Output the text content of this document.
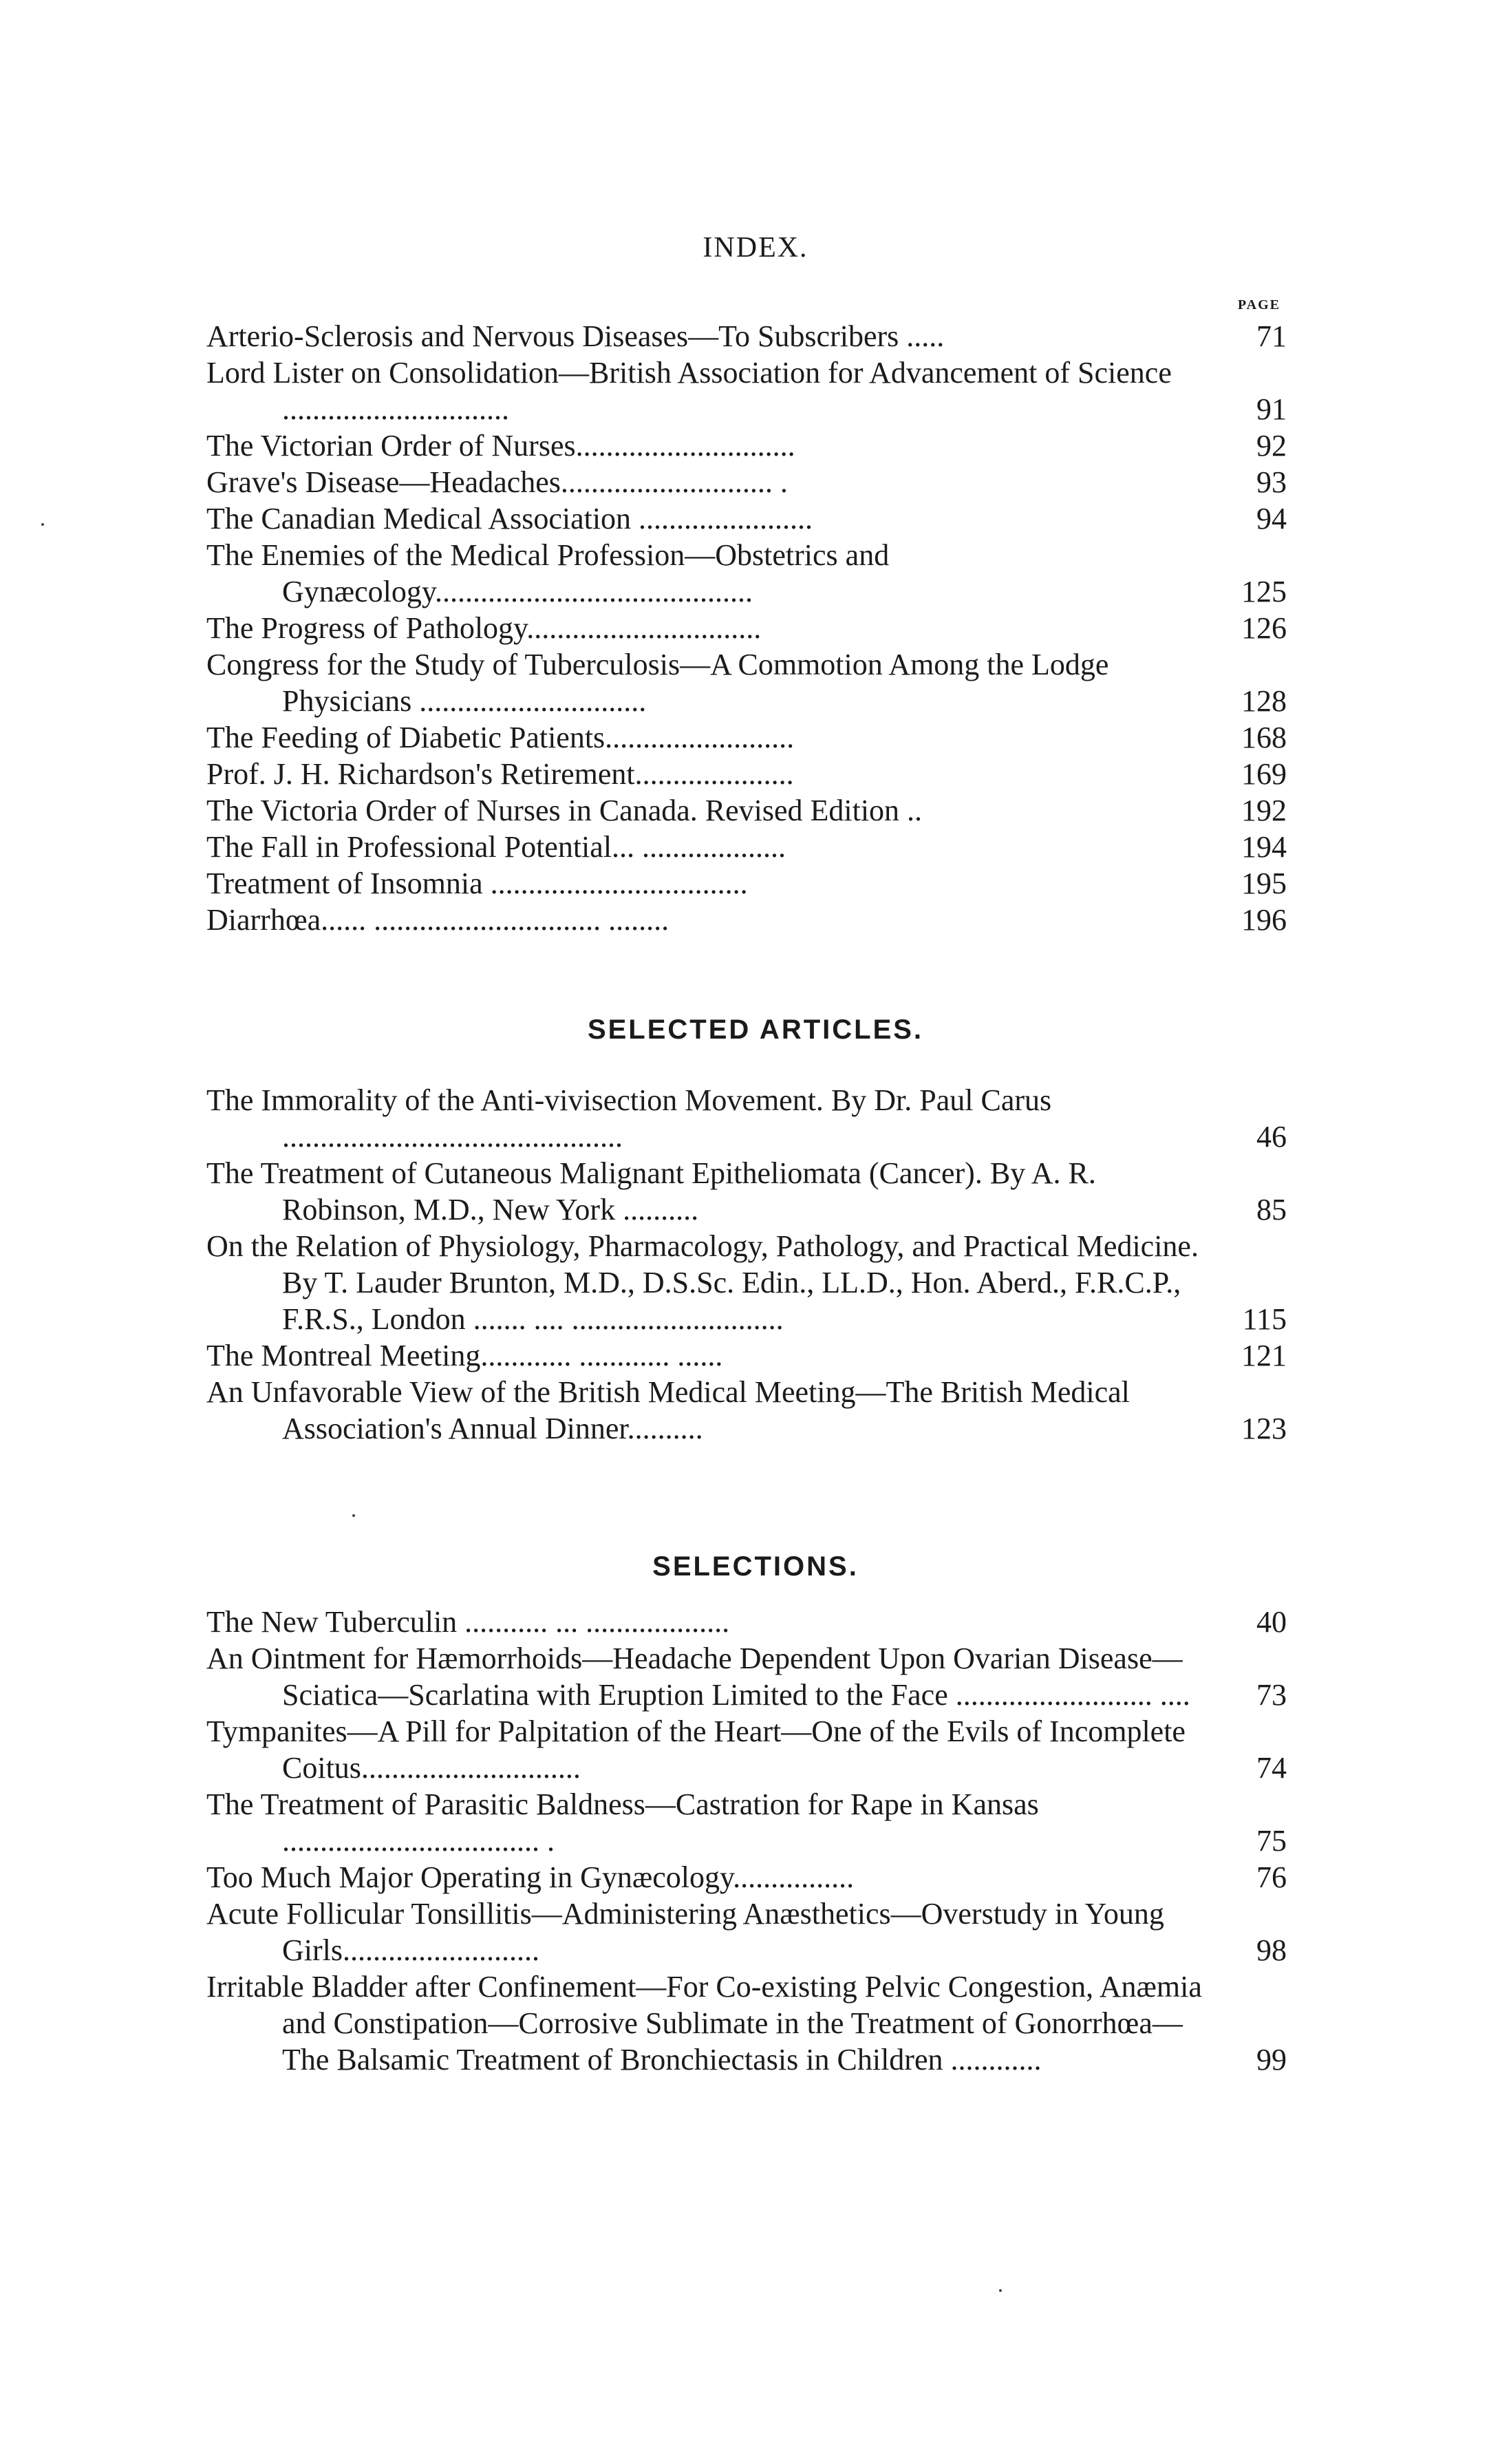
INDEX.
PAGE
Arterio-Sclerosis and Nervous Diseases—To Subscribers .....	71
Lord Lister on Consolidation—British Association for Advancement of Science ..............................	91
The Victorian Order of Nurses.............................	92
Grave's Disease—Headaches............................ .	93
The Canadian Medical Association .......................	94
The Enemies of the Medical Profession—Obstetrics and Gynæcology..........................................	125
The Progress of Pathology...............................	126
Congress for the Study of Tuberculosis—A Commotion Among the Lodge Physicians ..............................	128
The Feeding of Diabetic Patients.........................	168
Prof. J. H. Richardson's Retirement.....................	169
The Victoria Order of Nurses in Canada. Revised Edition ..	192
The Fall in Professional Potential... ...................	194
Treatment of Insomnia ..................................	195
Diarrhœa...... .............................. ........	196
SELECTED ARTICLES.
The Immorality of the Anti-vivisection Movement. By Dr. Paul Carus .............................................	46
The Treatment of Cutaneous Malignant Epitheliomata (Cancer). By A. R. Robinson, M.D., New York ..........	85
On the Relation of Physiology, Pharmacology, Pathology, and Practical Medicine. By T. Lauder Brunton, M.D., D.S.Sc. Edin., LL.D., Hon. Aberd., F.R.C.P., F.R.S., London ....... .... ............................	115
The Montreal Meeting............ ............ ......	121
An Unfavorable View of the British Medical Meeting—The British Medical Association's Annual Dinner..........	123
SELECTIONS.
The New Tuberculin ........... ... ...................	40
An Ointment for Hæmorrhoids—Headache Dependent Upon Ovarian Disease—Sciatica—Scarlatina with Eruption Limited to the Face .......................... ....	73
Tympanites—A Pill for Palpitation of the Heart—One of the Evils of Incomplete Coitus.............................	74
The Treatment of Parasitic Baldness—Castration for Rape in Kansas .................................. .	75
Too Much Major Operating in Gynæcology................	76
Acute Follicular Tonsillitis—Administering Anæsthetics—Overstudy in Young Girls..........................	98
Irritable Bladder after Confinement—For Co-existing Pelvic Congestion, Anæmia and Constipation—Corrosive Sublimate in the Treatment of Gonorrhœa—The Balsamic Treatment of Bronchiectasis in Children ............	99
